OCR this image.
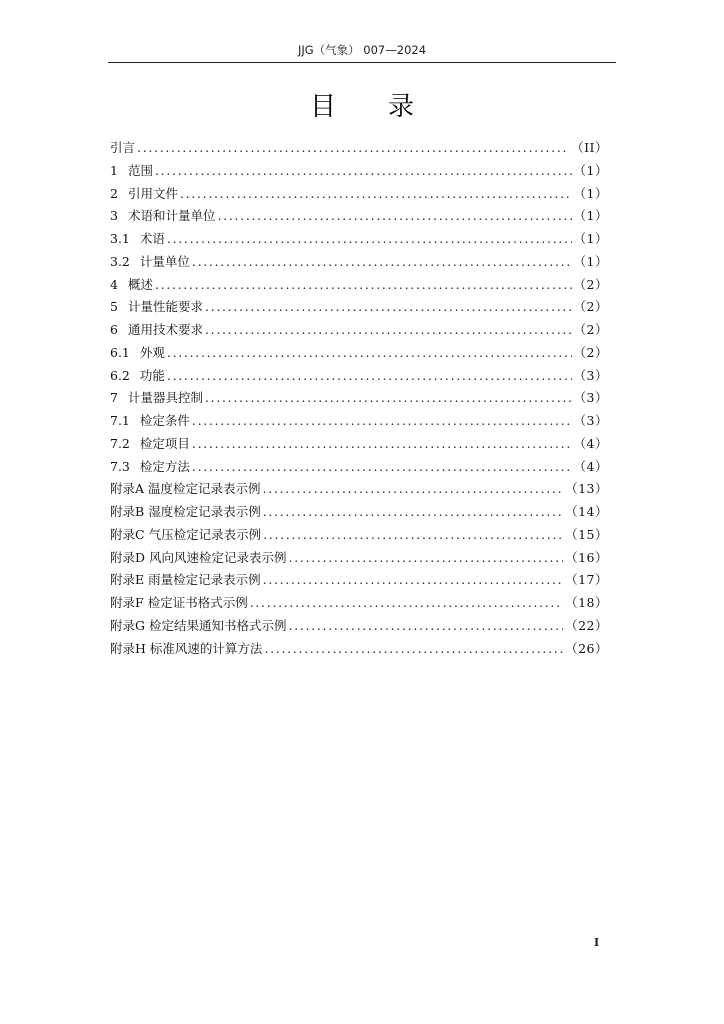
JJG（气象） 007—2024
目录
引言 .....	（II）
1 范围 .....	（1）
2 引用文件 .....	（1）
3 术语和计量单位 .....	（1）
3.1 术语 .....	（1）
3.2 计量单位 .....	（1）
4 概述 .....	（2）
5 计量性能要求 .....	（2）
6 通用技术要求 .....	（2）
6.1 外观 .....	（2）
6.2 功能 .....	（3）
7 计量器具控制 .....	（3）
7.1 检定条件 .....	（3）
7.2 检定项目 .....	（4）
7.3 检定方法 .....	（4）
附录A 温度检定记录表示例 .....	（13）
附录B 湿度检定记录表示例 .....	（14）
附录C 气压检定记录表示例 .....	（15）
附录D 风向风速检定记录表示例 .....	（16）
附录E 雨量检定记录表示例 .....	（17）
附录F 检定证书格式示例 .....	（18）
附录G 检定结果通知书格式示例 .....	（22）
附录H 标准风速的计算方法 .....	（26）
I
